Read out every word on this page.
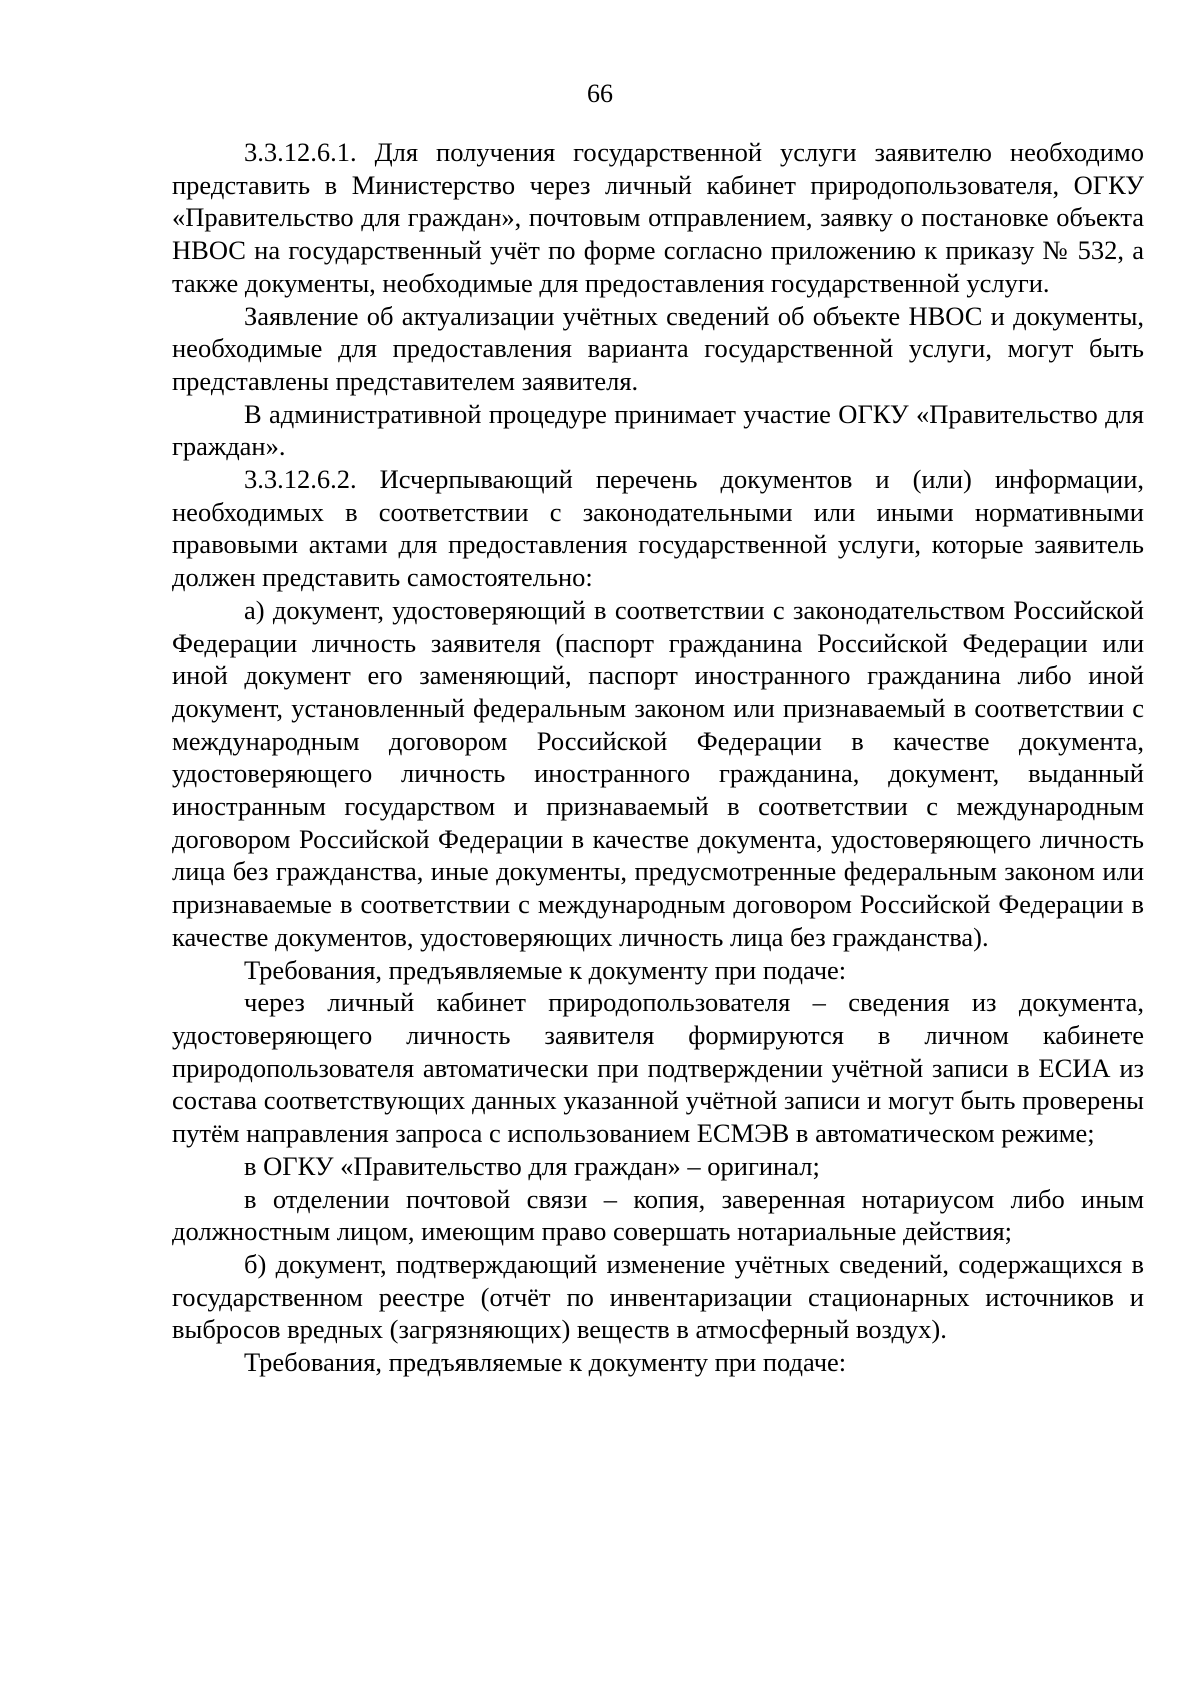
66

3.3.12.6.1. Для получения государственной услуги заявителю необходимо представить в Министерство через личный кабинет природопользователя, ОГКУ «Правительство для граждан», почтовым отправлением, заявку о постановке объекта НВОС на государственный учёт по форме согласно приложению к приказу № 532, а также документы, необходимые для предоставления государственной услуги.

Заявление об актуализации учётных сведений об объекте НВОС и документы, необходимые для предоставления варианта государственной услуги, могут быть представлены представителем заявителя.

В административной процедуре принимает участие ОГКУ «Правительство для граждан».

3.3.12.6.2. Исчерпывающий перечень документов и (или) информации, необходимых в соответствии с законодательными или иными нормативными правовыми актами для предоставления государственной услуги, которые заявитель должен представить самостоятельно:

а) документ, удостоверяющий в соответствии с законодательством Российской Федерации личность заявителя (паспорт гражданина Российской Федерации или иной документ его заменяющий, паспорт иностранного гражданина либо иной документ, установленный федеральным законом или признаваемый в соответствии с международным договором Российской Федерации в качестве документа, удостоверяющего личность иностранного гражданина, документ, выданный иностранным государством и признаваемый в соответствии с международным договором Российской Федерации в качестве документа, удостоверяющего личность лица без гражданства, иные документы, предусмотренные федеральным законом или признаваемые в соответствии с международным договором Российской Федерации в качестве документов, удостоверяющих личность лица без гражданства).

Требования, предъявляемые к документу при подаче:

через личный кабинет природопользователя – сведения из документа, удостоверяющего личность заявителя формируются в личном кабинете природопользователя автоматически при подтверждении учётной записи в ЕСИА из состава соответствующих данных указанной учётной записи и могут быть проверены путём направления запроса с использованием ЕСМЭВ в автоматическом режиме;

в ОГКУ «Правительство для граждан» – оригинал;

в отделении почтовой связи – копия, заверенная нотариусом либо иным должностным лицом, имеющим право совершать нотариальные действия;

б) документ, подтверждающий изменение учётных сведений, содержащихся в государственном реестре (отчёт по инвентаризации стационарных источников и выбросов вредных (загрязняющих) веществ в атмосферный воздух).

Требования, предъявляемые к документу при подаче:
